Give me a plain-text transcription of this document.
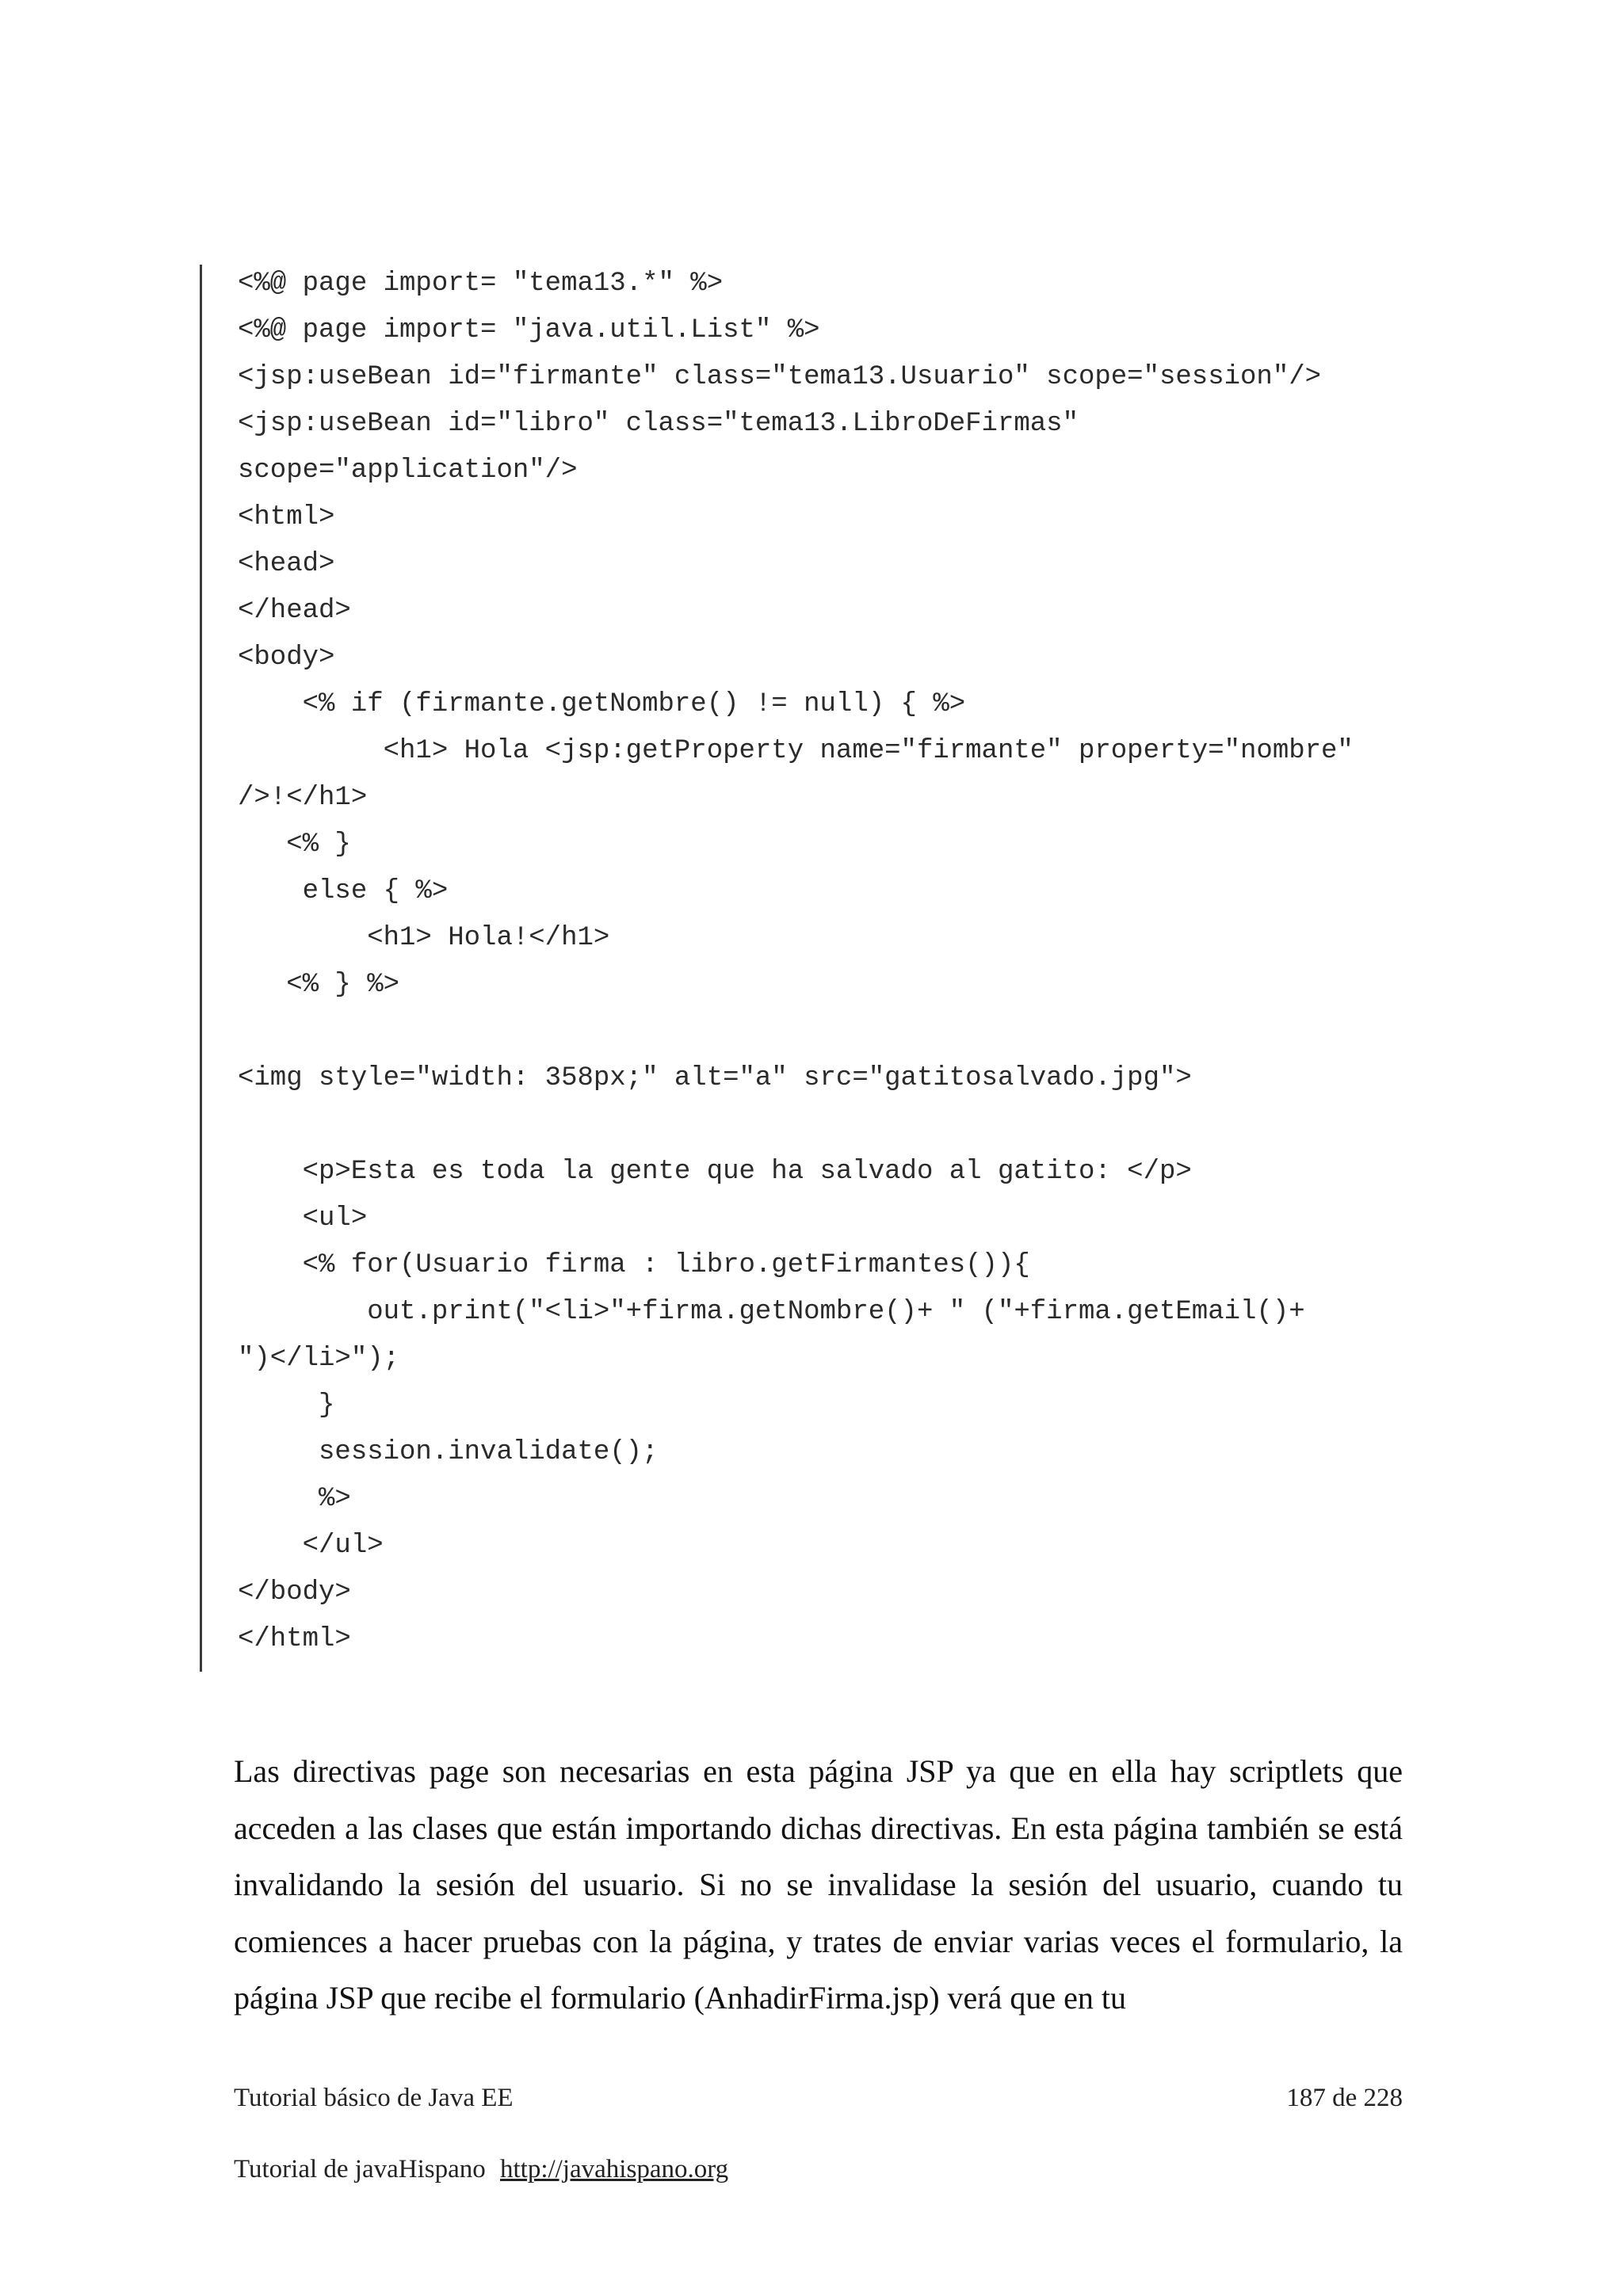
<%@ page import= "tema13.*" %>
<%@ page import= "java.util.List" %>
<jsp:useBean id="firmante" class="tema13.Usuario" scope="session"/>
<jsp:useBean id="libro" class="tema13.LibroDeFirmas"
scope="application"/>
<html>
<head>
</head>
<body>
<% if (firmante.getNombre() != null) { %>
<h1> Hola <jsp:getProperty name="firmante" property="nombre"
/>!</h1>
<% }
else { %>
<h1> Hola!</h1>
<% } %>
<img style="width: 358px;" alt="a" src="gatitosalvado.jpg">
<p>Esta es toda la gente que ha salvado al gatito: </p>
<ul>
<% for(Usuario firma : libro.getFirmantes()){
out.print("<li>"+firma.getNombre()+ " ("+firma.getEmail()+
")</li>");
}
session.invalidate();
%>
</ul>
</body>
</html>

Las directivas page son necesarias en esta página JSP ya que en ella hay scriptlets que acceden a las clases que están importando dichas directivas. En esta página también se está invalidando la sesión del usuario. Si no se invalidase la sesión del usuario, cuando tu comiences a hacer pruebas con la página, y trates de enviar varias veces el formulario, la página JSP que recibe el formulario (AnhadirFirma.jsp) verá que en tu

Tutorial básico de Java EE	187 de 228
Tutorial de javaHispano http://javahispano.org
